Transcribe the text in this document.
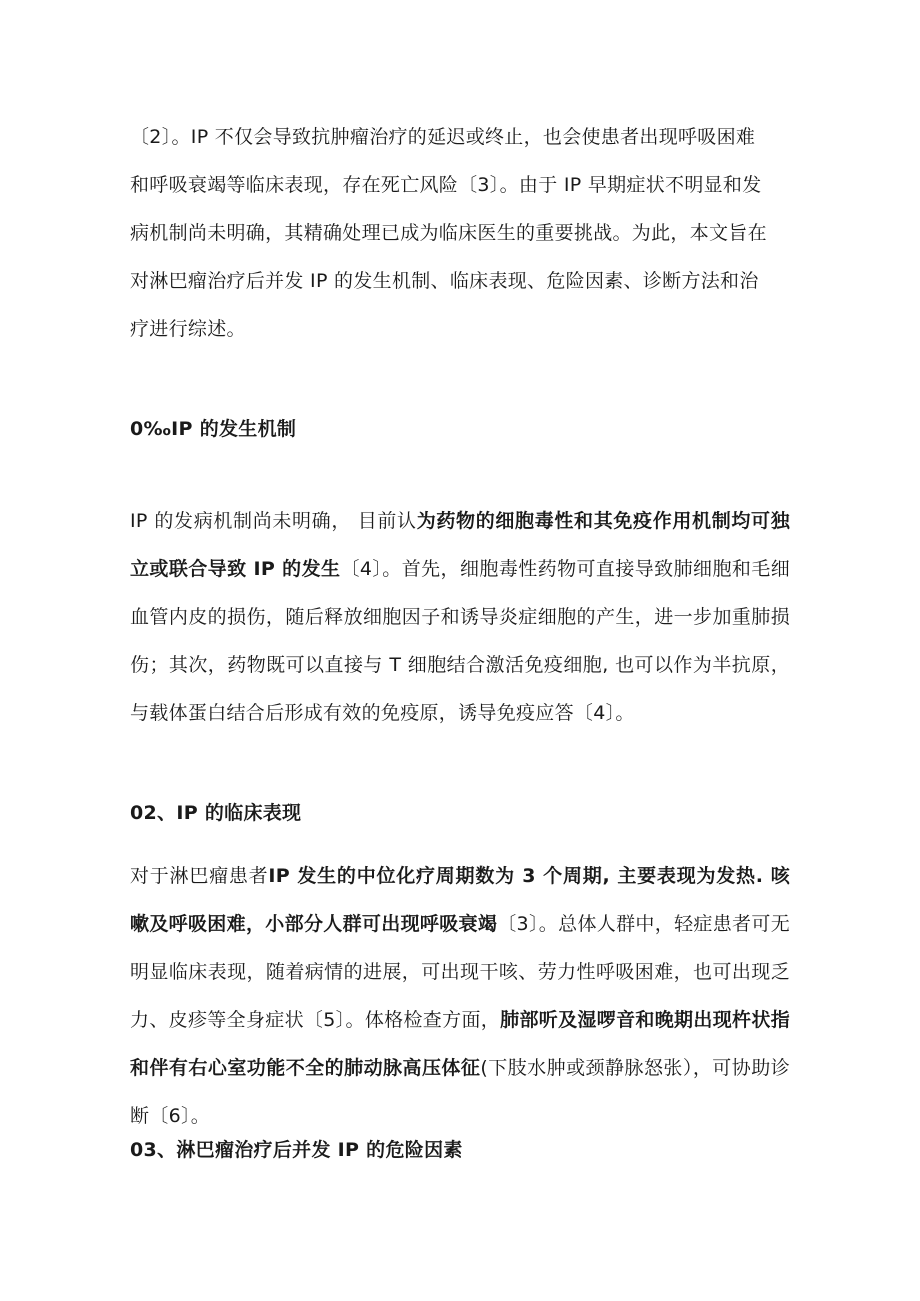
〔2〕。IP 不仅会导致抗肿瘤治疗的延迟或终止，也会使患者出现呼吸困难
和呼吸衰竭等临床表现，存在死亡风险〔3〕。由于 IP 早期症状不明显和发
病机制尚未明确，其精确处理已成为临床医生的重要挑战。为此，本文旨在
对淋巴瘤治疗后并发 IP 的发生机制、临床表现、危险因素、诊断方法和治
疗进行综述。

0‰IP 的发生机制

IP 的发病机制尚未明确， 目前认为药物的细胞毒性和其免疫作用机制均可独立或联合导致 IP 的发生〔4〕。首先，细胞毒性药物可直接导致肺细胞和毛细血管内皮的损伤，随后释放细胞因子和诱导炎症细胞的产生，进一步加重肺损伤；其次，药物既可以直接与 T 细胞结合激活免疫细胞, 也可以作为半抗原，与载体蛋白结合后形成有效的免疫原，诱导免疫应答〔4〕。

02、IP 的临床表现

对于淋巴瘤患者IP 发生的中位化疗周期数为 3 个周期, 主要表现为发热. 咳嗽及呼吸困难，小部分人群可出现呼吸衰竭〔3〕。总体人群中，轻症患者可无明显临床表现，随着病情的进展，可出现干咳、劳力性呼吸困难，也可出现乏力、皮疹等全身症状〔5〕。体格检查方面，肺部听及湿啰音和晚期出现杵状指和伴有右心室功能不全的肺动脉高压体征(下肢水肿或颈静脉怒张），可协助诊断〔6〕。

03、淋巴瘤治疗后并发 IP 的危险因素
